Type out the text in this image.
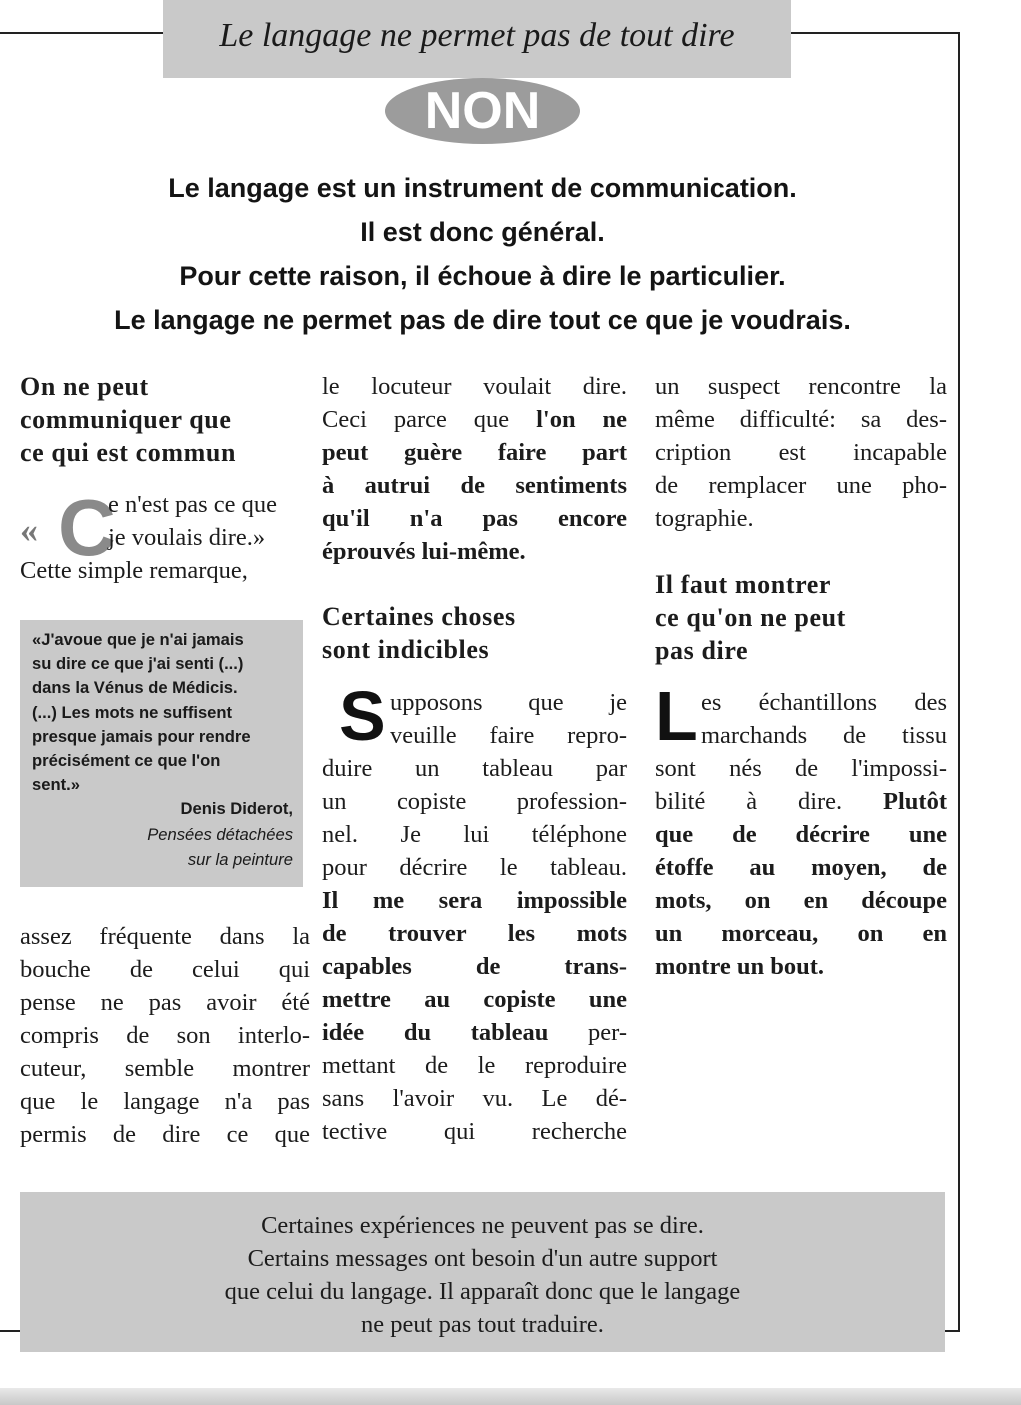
Le langage ne permet pas de tout dire
NON
Le langage est un instrument de communication.
Il est donc général.
Pour cette raison, il échoue à dire le particulier.
Le langage ne permet pas de dire tout ce que je voudrais.
On ne peut
communiquer que
ce qui est commun
« C
e n'est pas ce que
je voulais dire.»
Cette simple remarque,
assez fréquente dans la
bouche de celui qui
pense ne pas avoir été
compris de son interlo-
cuteur, semble montrer
que le langage n'a pas
permis de dire ce que
«J'avoue que je n'ai jamais
su dire ce que j'ai senti (...)
dans la Vénus de Médicis.
(...) Les mots ne suffisent
presque jamais pour rendre
précisément ce que l'on
sent.»
Denis Diderot,
Pensées détachées
sur la peinture
le locuteur voulait dire.
Ceci parce que l'on ne
peut guère faire part
à autrui de sentiments
qu'il n'a pas encore
éprouvés lui-même.
Certaines choses
sont indicibles
S upposons que je
veuille faire repro-
duire un tableau par
un copiste profession-
nel. Je lui téléphone
pour décrire le tableau.
Il me sera impossible
de trouver les mots
capables de trans-
mettre au copiste une
idée du tableau per-
mettant de le reproduire
sans l'avoir vu. Le dé-
tective qui recherche
un suspect rencontre la
même difficulté: sa des-
cription est incapable
de remplacer une pho-
tographie.
Il faut montrer
ce qu'on ne peut
pas dire
L es échantillons des
marchands de tissu
sont nés de l'impossi-
bilité à dire. Plutôt
que de décrire une
étoffe au moyen, de
mots, on en découpe
un morceau, on en
montre un bout.
Certaines expériences ne peuvent pas se dire.
Certains messages ont besoin d'un autre support
que celui du langage. Il apparaît donc que le langage
ne peut pas tout traduire.
